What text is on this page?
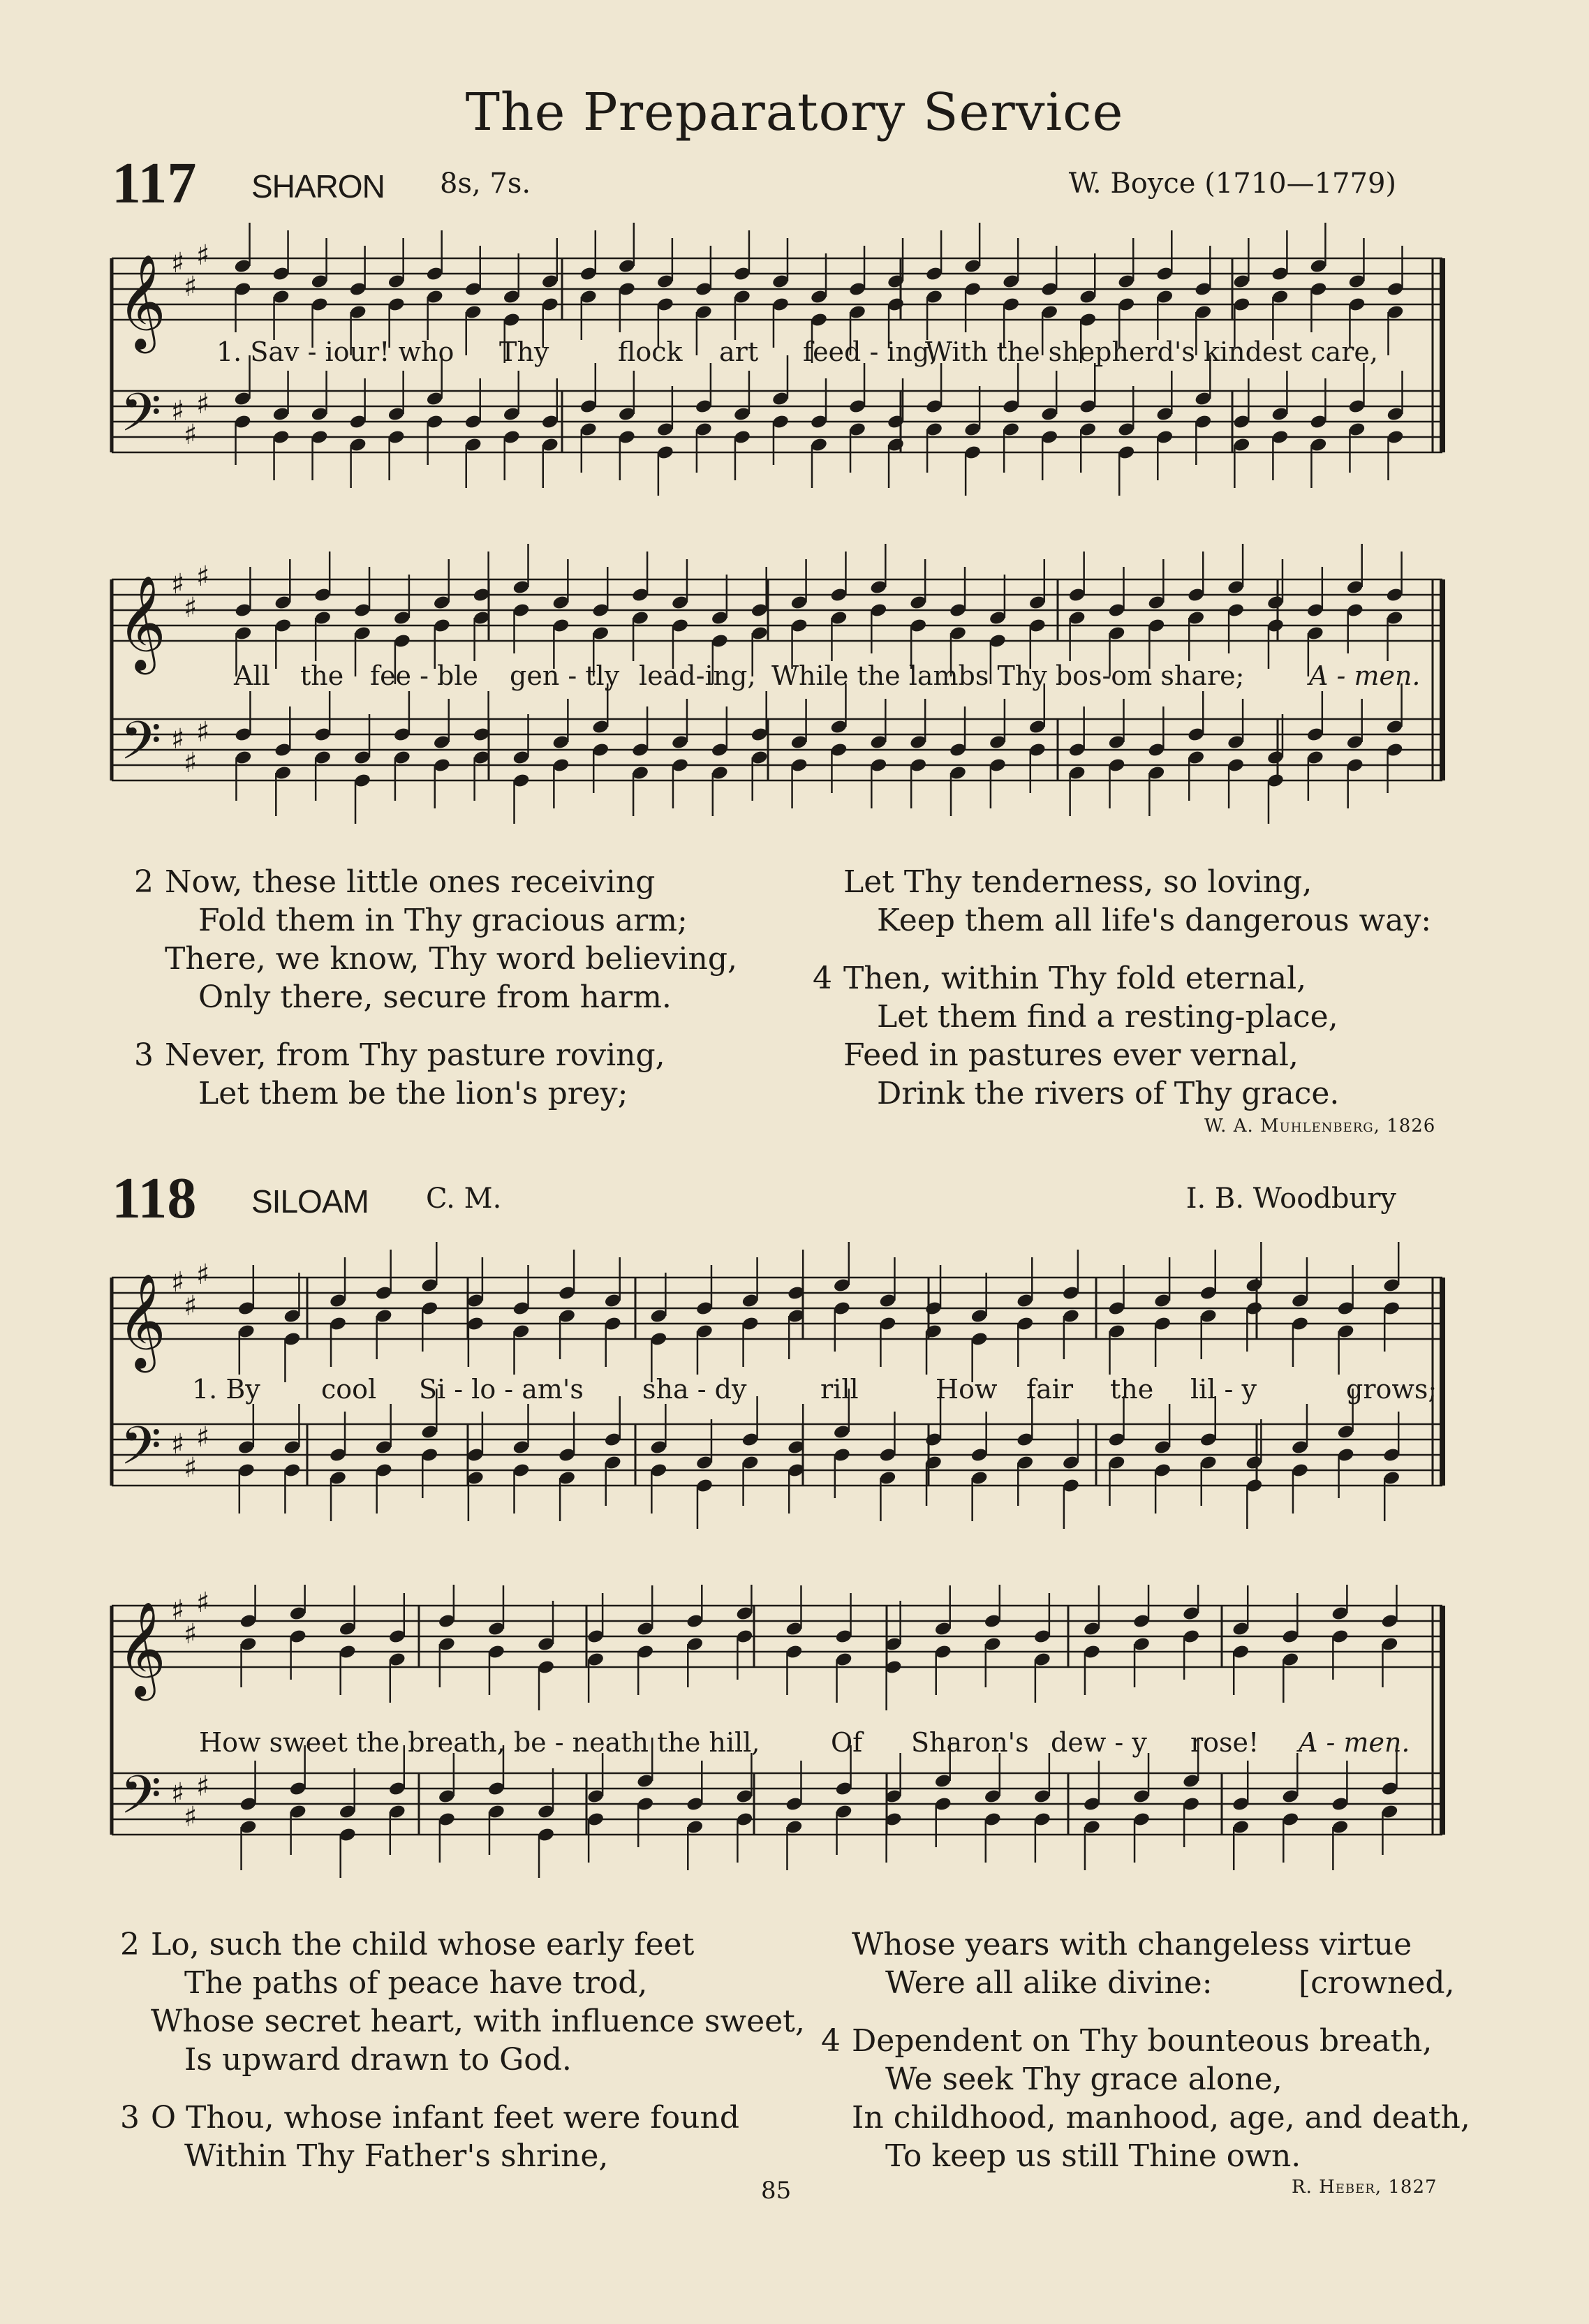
The Preparatory Service
117 SHARON 8s, 7s.	W. Boyce (1710—1779)
𝄞
𝄢
♯
♯
♯
♯
♯
♯
1. Sav - iour! who Thy	flock art feed - ing,
With the shepherd's kindest care,
𝄞
𝄢
♯
♯
♯
♯
♯
♯
All the fee - ble gen - tly lead-ing, While the lambs Thy bos-om share; A - men.
2 Now, these little ones receiving
Fold them in Thy gracious arm;
There, we know, Thy word believing,
Only there, secure from harm.
3 Never, from Thy pasture roving,
Let them be the lion's prey;
Let Thy tenderness, so loving,
Keep them all life's dangerous way:
4 Then, within Thy fold eternal,
Let them find a resting-place,
Feed in pastures ever vernal,
Drink the rivers of Thy grace.
W. A. Muhlenberg, 1826
118 SILOAM C. M.	I. B. Woodbury
𝄞
𝄢
♯
♯
♯
♯
♯
♯
1. By cool Si - lo - am's sha - dy	rill	How fair the lil - y	grows;
𝄞
𝄢
♯
♯
♯
♯
♯
♯
How sweet the breath, be - neath the hill,	Of Sharon's dew - y rose! A - men.
2 Lo, such the child whose early feet
The paths of peace have trod,
Whose secret heart, with influence sweet,
Is upward drawn to God.
3 O Thou, whose infant feet were found
Within Thy Father's shrine,
Whose years with changeless virtue
Were all alike divine:	[crowned,
4 Dependent on Thy bounteous breath,
We seek Thy grace alone,
In childhood, manhood, age, and death,
To keep us still Thine own.
R. Heber, 1827
85
